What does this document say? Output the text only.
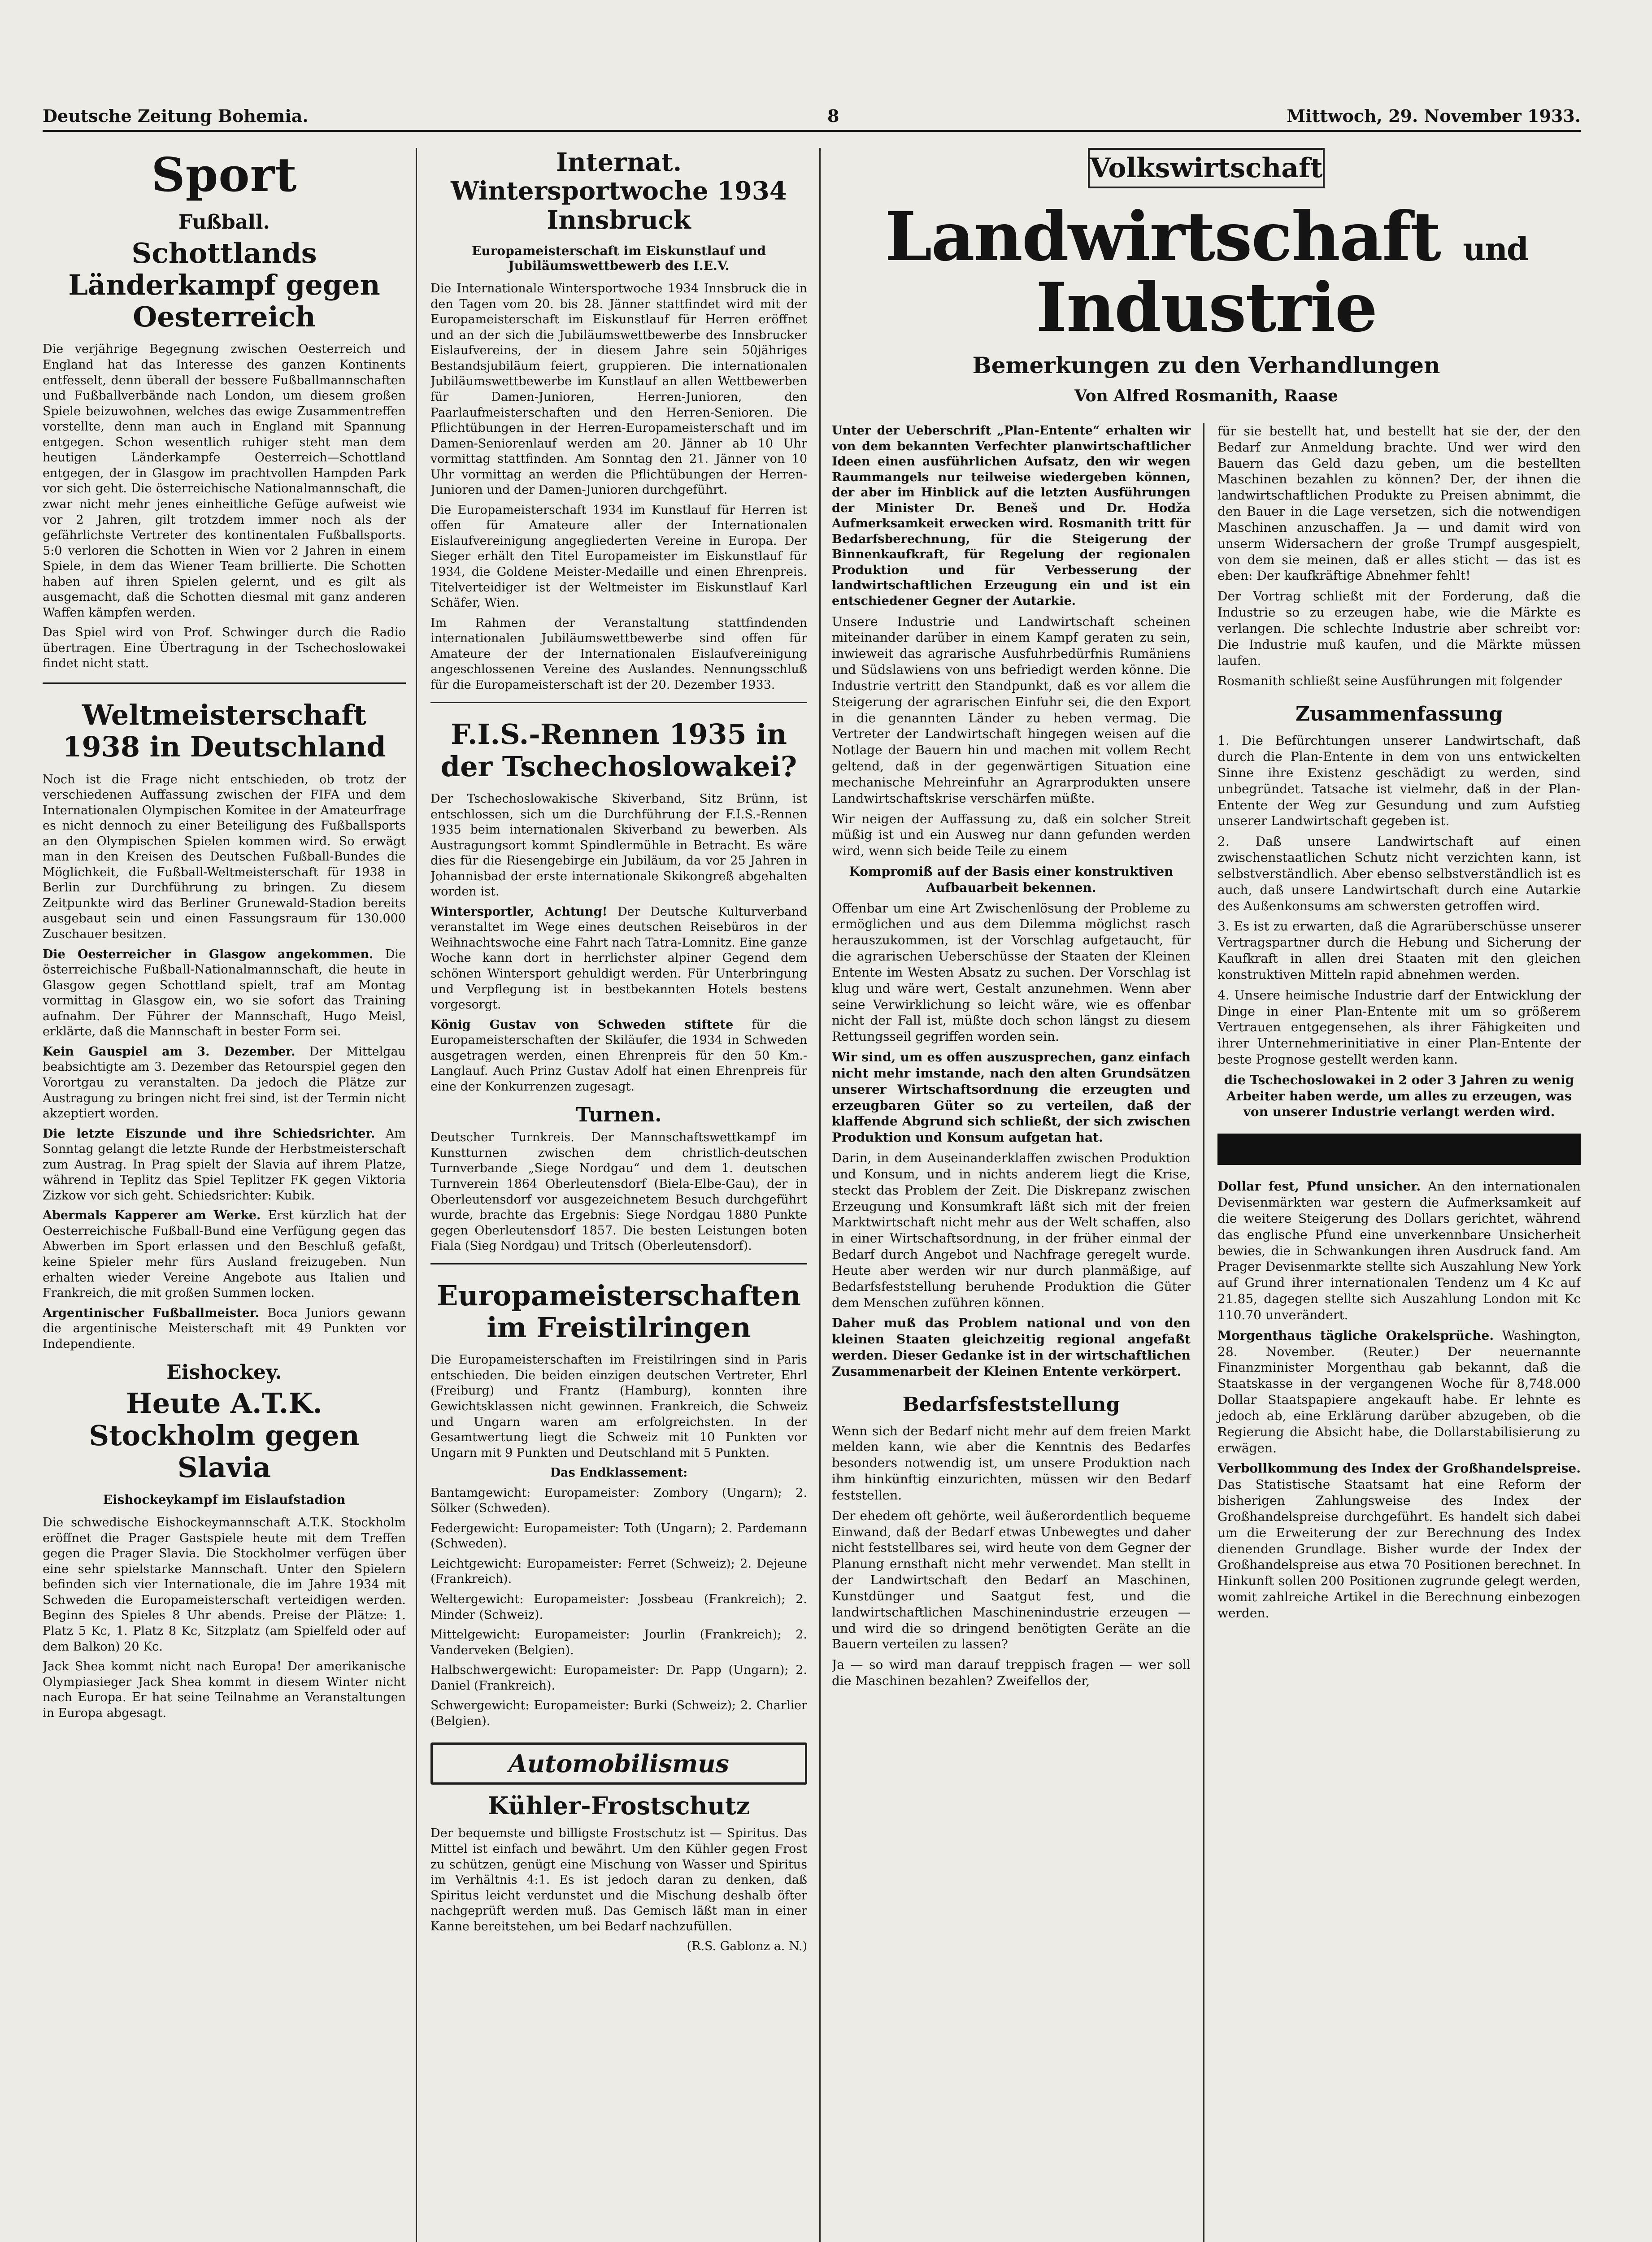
Deutsche Zeitung Bohemia.	8	Mittwoch, 29. November 1933.
Sport
Fußball.
Schottlands Länderkampf gegen Oesterreich

Die verjährige Begegnung zwischen Oesterreich und England hat das Interesse des ganzen Kontinents entfesselt, denn überall der bessere Fußballmannschaften und Fußballverbände nach London, um diesem großen Spiele beizuwohnen, welches das ewige Zusammentreffen vorstellte, denn man auch in England mit Spannung entgegen. Schon wesentlich ruhiger steht man dem heutigen Länderkampfe Oesterreich—Schottland entgegen, der in Glasgow im prachtvollen Hampden Park vor sich geht. Die österreichische Nationalmannschaft, die zwar nicht mehr jenes einheitliche Gefüge aufweist wie vor 2 Jahren, gilt trotzdem immer noch als der gefährlichste Vertreter des kontinentalen Fußballsports. 5:0 verloren die Schotten in Wien vor 2 Jahren in einem Spiele, in dem das Wiener Team brillierte. Die Schotten haben auf ihren Spielen gelernt, und es gilt als ausgemacht, daß die Schotten diesmal mit ganz anderen Waffen kämpfen werden.

Das Spiel wird von Prof. Schwinger durch die Radio übertragen. Eine Übertragung in der Tschechoslowakei findet nicht statt.

Weltmeisterschaft 1938 in Deutschland

Noch ist die Frage nicht entschieden, ob trotz der verschiedenen Auffassung zwischen der FIFA und dem Internationalen Olympischen Komitee in der Amateurfrage es nicht dennoch zu einer Beteiligung des Fußballsports an den Olympischen Spielen kommen wird. So erwägt man in den Kreisen des Deutschen Fußball-Bundes die Möglichkeit, die Fußball-Weltmeisterschaft für 1938 in Berlin zur Durchführung zu bringen. Zu diesem Zeitpunkte wird das Berliner Grunewald-Stadion bereits ausgebaut sein und einen Fassungsraum für 130.000 Zuschauer besitzen.

Die Oesterreicher in Glasgow angekommen. Die österreichische Fußball-Nationalmannschaft, die heute in Glasgow gegen Schottland spielt, traf am Montag vormittag in Glasgow ein, wo sie sofort das Training aufnahm. Der Führer der Mannschaft, Hugo Meisl, erklärte, daß die Mannschaft in bester Form sei.

Kein Gauspiel am 3. Dezember. Der Mittelgau beabsichtigte am 3. Dezember das Retourspiel gegen den Vorortgau zu veranstalten. Da jedoch die Plätze zur Austragung zu bringen nicht frei sind, ist der Termin nicht akzeptiert worden.

Die letzte Eiszunde und ihre Schiedsrichter. Am Sonntag gelangt die letzte Runde der Herbstmeisterschaft zum Austrag. In Prag spielt der Slavia auf ihrem Platze, während in Teplitz das Spiel Teplitzer FK gegen Viktoria Zizkow vor sich geht. Schiedsrichter: Kubik.

Abermals Kapperer am Werke. Erst kürzlich hat der Oesterreichische Fußball-Bund eine Verfügung gegen das Abwerben im Sport erlassen und den Beschluß gefaßt, keine Spieler mehr fürs Ausland freizugeben. Nun erhalten wieder Vereine Angebote aus Italien und Frankreich, die mit großen Summen locken.

Argentinischer Fußballmeister. Boca Juniors gewann die argentinische Meisterschaft mit 49 Punkten vor Independiente.

Eishockey.
Heute A.T.K. Stockholm gegen Slavia
Eishockeykampf im Eislaufstadion

Die schwedische Eishockeymannschaft A.T.K. Stockholm eröffnet die Prager Gastspiele heute mit dem Treffen gegen die Prager Slavia. Die Stockholmer verfügen über eine sehr spielstarke Mannschaft. Unter den Spielern befinden sich vier Internationale, die im Jahre 1934 mit Schweden die Europameisterschaft verteidigen werden. Beginn des Spieles 8 Uhr abends. Preise der Plätze: 1. Platz 5 Kc, 1. Platz 8 Kc, Sitzplatz (am Spielfeld oder auf dem Balkon) 20 Kc.

Jack Shea kommt nicht nach Europa! Der amerikanische Olympiasieger Jack Shea kommt in diesem Winter nicht nach Europa. Er hat seine Teilnahme an Veranstaltungen in Europa abgesagt.

Internat. Wintersportwoche 1934 Innsbruck
Europameisterschaft im Eiskunstlauf und Jubiläumswettbewerb des I.E.V.

Die Internationale Wintersportwoche 1934 Innsbruck die in den Tagen vom 20. bis 28. Jänner stattfindet wird mit der Europameisterschaft im Eiskunstlauf für Herren eröffnet und an der sich die Jubiläumswettbewerbe des Innsbrucker Eislaufvereins, der in diesem Jahre sein 50jähriges Bestandsjubiläum feiert, gruppieren. Die internationalen Jubiläumswettbewerbe im Kunstlauf an allen Wettbewerben für Damen-Junioren, Herren-Junioren, den Paarlaufmeisterschaften und den Herren-Senioren. Die Pflichtübungen in der Herren-Europameisterschaft und im Damen-Seniorenlauf werden am 20. Jänner ab 10 Uhr vormittag stattfinden. Am Sonntag den 21. Jänner von 10 Uhr vormittag an werden die Pflichtübungen der Herren-Junioren und der Damen-Junioren durchgeführt.

Die Europameisterschaft 1934 im Kunstlauf für Herren ist offen für Amateure aller der Internationalen Eislaufvereinigung angegliederten Vereine in Europa. Der Sieger erhält den Titel Europameister im Eiskunstlauf für 1934, die Goldene Meister-Medaille und einen Ehrenpreis. Titelverteidiger ist der Weltmeister im Eiskunstlauf Karl Schäfer, Wien.

Im Rahmen der Veranstaltung stattfindenden internationalen Jubiläumswettbewerbe sind offen für Amateure der der Internationalen Eislaufvereinigung angeschlossenen Vereine des Auslandes. Nennungsschluß für die Europameisterschaft ist der 20. Dezember 1933.

F.I.S.-Rennen 1935 in der Tschechoslowakei?

Der Tschechoslowakische Skiverband, Sitz Brünn, ist entschlossen, sich um die Durchführung der F.I.S.-Rennen 1935 beim internationalen Skiverband zu bewerben. Als Austragungsort kommt Spindlermühle in Betracht. Es wäre dies für die Riesengebirge ein Jubiläum, da vor 25 Jahren in Johannisbad der erste internationale Skikongreß abgehalten worden ist.

Wintersportler, Achtung! Der Deutsche Kulturverband veranstaltet im Wege eines deutschen Reisebüros in der Weihnachtswoche eine Fahrt nach Tatra-Lomnitz. Eine ganze Woche kann dort in herrlichster alpiner Gegend dem schönen Wintersport gehuldigt werden. Für Unterbringung und Verpflegung ist in bestbekannten Hotels bestens vorgesorgt.

König Gustav von Schweden stiftete für die Europameisterschaften der Skiläufer, die 1934 in Schweden ausgetragen werden, einen Ehrenpreis für den 50 Km.-Langlauf. Auch Prinz Gustav Adolf hat einen Ehrenpreis für eine der Konkurrenzen zugesagt.

Turnen.

Deutscher Turnkreis. Der Mannschaftswettkampf im Kunstturnen zwischen dem christlich-deutschen Turnverbande „Siege Nordgau“ und dem 1. deutschen Turnverein 1864 Oberleutensdorf (Biela-Elbe-Gau), der in Oberleutensdorf vor ausgezeichnetem Besuch durchgeführt wurde, brachte das Ergebnis: Siege Nordgau 1880 Punkte gegen Oberleutensdorf 1857. Die besten Leistungen boten Fiala (Sieg Nordgau) und Tritsch (Oberleutensdorf).

Europameisterschaften im Freistilringen

Die Europameisterschaften im Freistilringen sind in Paris entschieden. Die beiden einzigen deutschen Vertreter, Ehrl (Freiburg) und Frantz (Hamburg), konnten ihre Gewichtsklassen nicht gewinnen. Frankreich, die Schweiz und Ungarn waren am erfolgreichsten. In der Gesamtwertung liegt die Schweiz mit 10 Punkten vor Ungarn mit 9 Punkten und Deutschland mit 5 Punkten.

Das Endklassement:

Bantamgewicht: Europameister: Zombory (Ungarn); 2. Sölker (Schweden).

Federgewicht: Europameister: Toth (Ungarn); 2. Pardemann (Schweden).

Leichtgewicht: Europameister: Ferret (Schweiz); 2. Dejeune (Frankreich).

Weltergewicht: Europameister: Jossbeau (Frankreich); 2. Minder (Schweiz).

Mittelgewicht: Europameister: Jourlin (Frankreich); 2. Vanderveken (Belgien).

Halbschwergewicht: Europameister: Dr. Papp (Ungarn); 2. Daniel (Frankreich).

Schwergewicht: Europameister: Burki (Schweiz); 2. Charlier (Belgien).

Automobilismus
Kühler-Frostschutz

Der bequemste und billigste Frostschutz ist — Spiritus. Das Mittel ist einfach und bewährt. Um den Kühler gegen Frost zu schützen, genügt eine Mischung von Wasser und Spiritus im Verhältnis 4:1. Es ist jedoch daran zu denken, daß Spiritus leicht verdunstet und die Mischung deshalb öfter nachgeprüft werden muß. Das Gemisch läßt man in einer Kanne bereitstehen, um bei Bedarf nachzufüllen.

(R.S. Gablonz a. N.)

Volkswirtschaft
Landwirtschaft und Industrie
Bemerkungen zu den Verhandlungen
Von Alfred Rosmanith, Raase

Unter der Ueberschrift „Plan-Entente“ erhalten wir von dem bekannten Verfechter planwirtschaftlicher Ideen einen ausführlichen Aufsatz, den wir wegen Raummangels nur teilweise wiedergeben können, der aber im Hinblick auf die letzten Ausführungen der Minister Dr. Beneš und Dr. Hodža Aufmerksamkeit erwecken wird. Rosmanith tritt für Bedarfsberechnung, für die Steigerung der Binnenkaufkraft, für Regelung der regionalen Produktion und für Verbesserung der landwirtschaftlichen Erzeugung ein und ist ein entschiedener Gegner der Autarkie.

Unsere Industrie und Landwirtschaft scheinen miteinander darüber in einem Kampf geraten zu sein, inwieweit das agrarische Ausfuhrbedürfnis Rumäniens und Südslawiens von uns befriedigt werden könne. Die Industrie vertritt den Standpunkt, daß es vor allem die Steigerung der agrarischen Einfuhr sei, die den Export in die genannten Länder zu heben vermag. Die Vertreter der Landwirtschaft hingegen weisen auf die Notlage der Bauern hin und machen mit vollem Recht geltend, daß in der gegenwärtigen Situation eine mechanische Mehreinfuhr an Agrarprodukten unsere Landwirtschaftskrise verschärfen müßte.

Wir neigen der Auffassung zu, daß ein solcher Streit müßig ist und ein Ausweg nur dann gefunden werden wird, wenn sich beide Teile zu einem

Kompromiß auf der Basis einer konstruktiven Aufbauarbeit bekennen.

Offenbar um eine Art Zwischenlösung der Probleme zu ermöglichen und aus dem Dilemma möglichst rasch herauszukommen, ist der Vorschlag aufgetaucht, für die agrarischen Ueberschüsse der Staaten der Kleinen Entente im Westen Absatz zu suchen. Der Vorschlag ist klug und wäre wert, Gestalt anzunehmen. Wenn aber seine Verwirklichung so leicht wäre, wie es offenbar nicht der Fall ist, müßte doch schon längst zu diesem Rettungsseil gegriffen worden sein.

Wir sind, um es offen auszusprechen, ganz einfach nicht mehr imstande, nach den alten Grundsätzen unserer Wirtschaftsordnung die erzeugten und erzeugbaren Güter so zu verteilen, daß der klaffende Abgrund sich schließt, der sich zwischen Produktion und Konsum aufgetan hat.

Darin, in dem Auseinanderklaffen zwischen Produktion und Konsum, und in nichts anderem liegt die Krise, steckt das Problem der Zeit. Die Diskrepanz zwischen Erzeugung und Konsumkraft läßt sich mit der freien Marktwirtschaft nicht mehr aus der Welt schaffen, also in einer Wirtschaftsordnung, in der früher einmal der Bedarf durch Angebot und Nachfrage geregelt wurde. Heute aber werden wir nur durch planmäßige, auf Bedarfsfeststellung beruhende Produktion die Güter dem Menschen zuführen können.

Daher muß das Problem national und von den kleinen Staaten gleichzeitig regional angefaßt werden. Dieser Gedanke ist in der wirtschaftlichen Zusammenarbeit der Kleinen Entente verkörpert.

Bedarfsfeststellung

Wenn sich der Bedarf nicht mehr auf dem freien Markt melden kann, wie aber die Kenntnis des Bedarfes besonders notwendig ist, um unsere Produktion nach ihm hinkünftig einzurichten, müssen wir den Bedarf feststellen.

Der ehedem oft gehörte, weil äußerordentlich bequeme Einwand, daß der Bedarf etwas Unbewegtes und daher nicht feststellbares sei, wird heute von dem Gegner der Planung ernsthaft nicht mehr verwendet. Man stellt in der Landwirtschaft den Bedarf an Maschinen, Kunstdünger und Saatgut fest, und die landwirtschaftlichen Maschinenindustrie erzeugen — und wird die so dringend benötigten Geräte an die Bauern verteilen zu lassen?

Ja — so wird man darauf treppisch fragen — wer soll die Maschinen bezahlen? Zweifellos der,

für sie bestellt hat, und bestellt hat sie der, der den Bedarf zur Anmeldung brachte. Und wer wird den Bauern das Geld dazu geben, um die bestellten Maschinen bezahlen zu können? Der, der ihnen die landwirtschaftlichen Produkte zu Preisen abnimmt, die den Bauer in die Lage versetzen, sich die notwendigen Maschinen anzuschaffen. Ja — und damit wird von unserm Widersachern der große Trumpf ausgespielt, von dem sie meinen, daß er alles sticht — das ist es eben: Der kaufkräftige Abnehmer fehlt!

Der Vortrag schließt mit der Forderung, daß die Industrie so zu erzeugen habe, wie die Märkte es verlangen. Die schlechte Industrie aber schreibt vor: Die Industrie muß kaufen, und die Märkte müssen laufen.

Rosmanith schließt seine Ausführungen mit folgender

Zusammenfassung

1. Die Befürchtungen unserer Landwirtschaft, daß durch die Plan-Entente in dem von uns entwickelten Sinne ihre Existenz geschädigt zu werden, sind unbegründet. Tatsache ist vielmehr, daß in der Plan-Entente der Weg zur Gesundung und zum Aufstieg unserer Landwirtschaft gegeben ist.

2. Daß unsere Landwirtschaft auf einen zwischenstaatlichen Schutz nicht verzichten kann, ist selbstverständlich. Aber ebenso selbstverständlich ist es auch, daß unsere Landwirtschaft durch eine Autarkie des Außenkonsums am schwersten getroffen wird.

3. Es ist zu erwarten, daß die Agrarüberschüsse unserer Vertragspartner durch die Hebung und Sicherung der Kaufkraft in allen drei Staaten mit den gleichen konstruktiven Mitteln rapid abnehmen werden.

4. Unsere heimische Industrie darf der Entwicklung der Dinge in einer Plan-Entente mit um so größerem Vertrauen entgegensehen, als ihrer Fähigkeiten und ihrer Unternehmerinitiative in einer Plan-Entente der beste Prognose gestellt werden kann.

die Tschechoslowakei in 2 oder 3 Jahren zu wenig Arbeiter haben werde, um alles zu erzeugen, was von unserer Industrie verlangt werden wird.

Dollar fest, Pfund unsicher. An den internationalen Devisenmärkten war gestern die Aufmerksamkeit auf die weitere Steigerung des Dollars gerichtet, während das englische Pfund eine unverkennbare Unsicherheit bewies, die in Schwankungen ihren Ausdruck fand. Am Prager Devisenmarkte stellte sich Auszahlung New York auf Grund ihrer internationalen Tendenz um 4 Kc auf 21.85, dagegen stellte sich Auszahlung London mit Kc 110.70 unverändert.

Morgenthaus tägliche Orakelsprüche. Washington, 28. November. (Reuter.) Der neuernannte Finanzminister Morgenthau gab bekannt, daß die Staatskasse in der vergangenen Woche für 8,748.000 Dollar Staatspapiere angekauft habe. Er lehnte es jedoch ab, eine Erklärung darüber abzugeben, ob die Regierung die Absicht habe, die Dollarstabilisierung zu erwägen.

Verbollkommung des Index der Großhandelspreise. Das Statistische Staatsamt hat eine Reform der bisherigen Zahlungsweise des Index der Großhandelspreise durchgeführt. Es handelt sich dabei um die Erweiterung der zur Berechnung des Index dienenden Grundlage. Bisher wurde der Index der Großhandelspreise aus etwa 70 Positionen berechnet. In Hinkunft sollen 200 Positionen zugrunde gelegt werden, womit zahlreiche Artikel in die Berechnung einbezogen werden.
